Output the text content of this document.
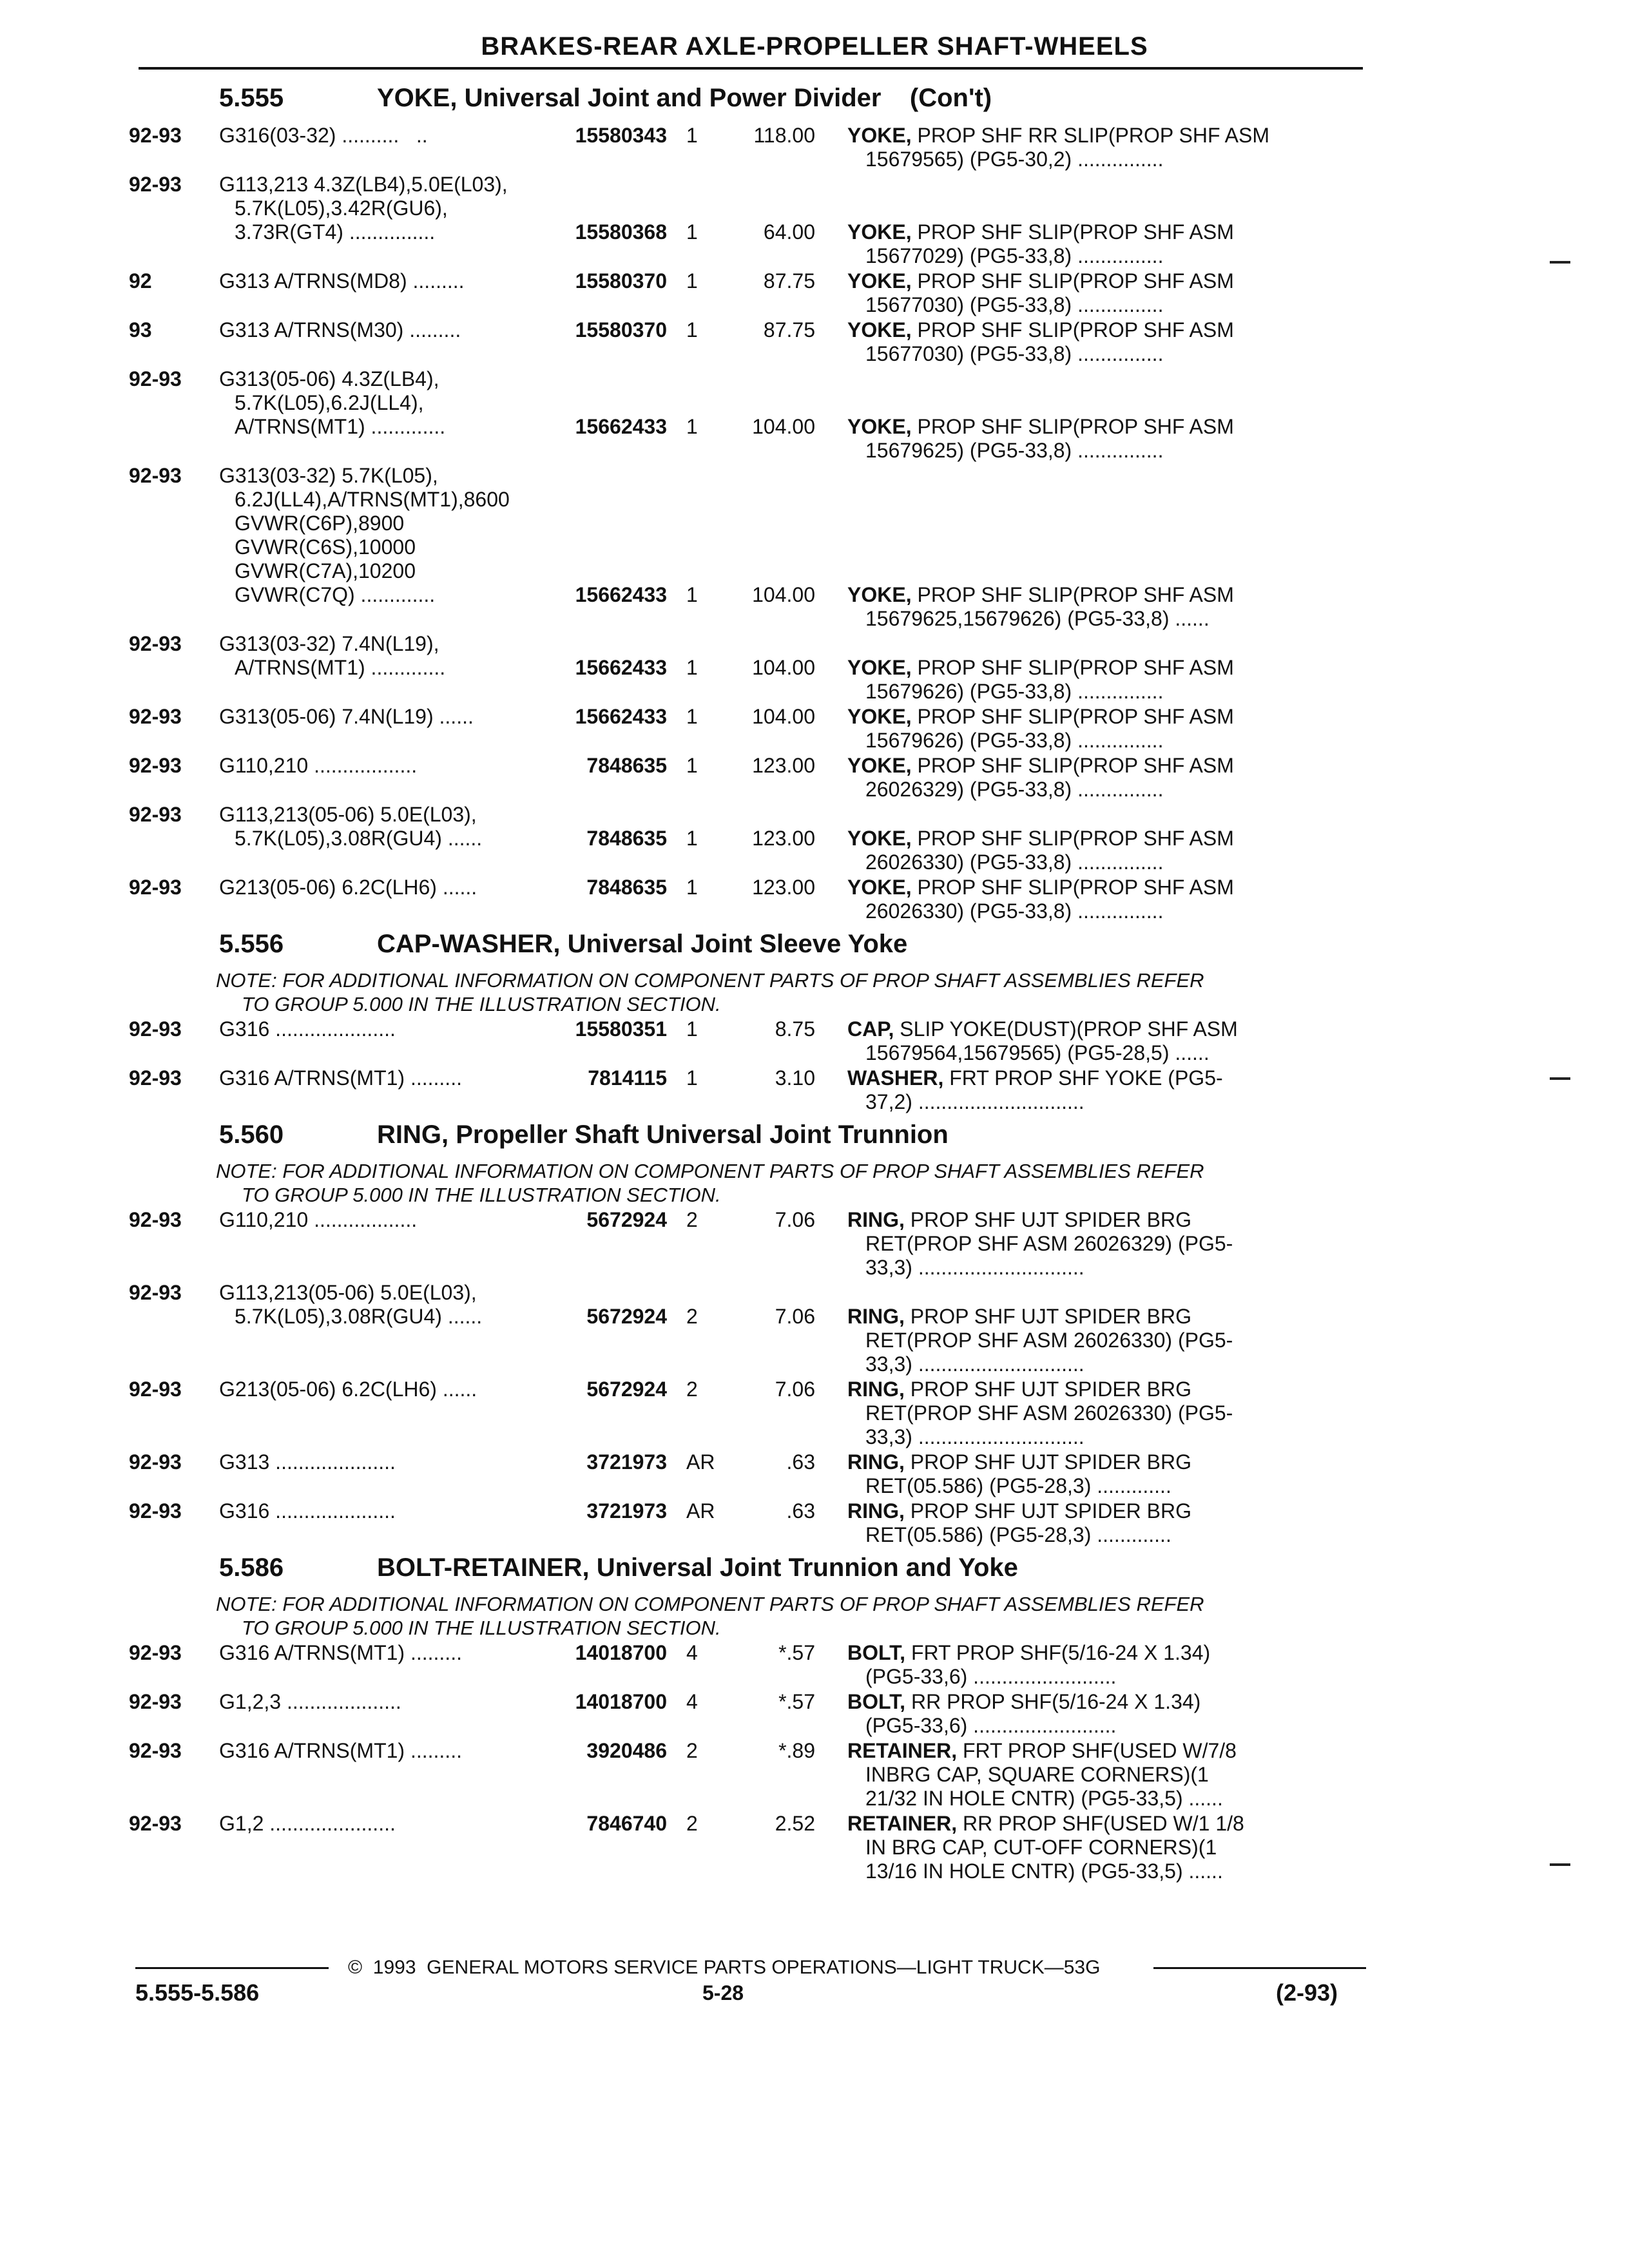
BRAKES-REAR AXLE-PROPELLER SHAFT-WHEELS
5.555	YOKE, Universal Joint and Power Divider    (Con't)
92-93	G316(03-32) ..........   ..	15580343 1	118.00	YOKE, PROP SHF RR SLIP(PROP SHF ASM
15679565) (PG5-30,2) ...............
92-93	G113,213 4.3Z(LB4),5.0E(L03),
5.7K(L05),3.42R(GU6),
3.73R(GT4) ...............	15580368 1	64.00	YOKE, PROP SHF SLIP(PROP SHF ASM
15677029) (PG5-33,8) ...............
92	G313 A/TRNS(MD8) .........	15580370 1	87.75	YOKE, PROP SHF SLIP(PROP SHF ASM
15677030) (PG5-33,8) ...............
93	G313 A/TRNS(M30) .........	15580370 1	87.75	YOKE, PROP SHF SLIP(PROP SHF ASM
15677030) (PG5-33,8) ...............
92-93	G313(05-06) 4.3Z(LB4),
5.7K(L05),6.2J(LL4),
A/TRNS(MT1) .............	15662433 1	104.00	YOKE, PROP SHF SLIP(PROP SHF ASM
15679625) (PG5-33,8) ...............
92-93	G313(03-32) 5.7K(L05),
6.2J(LL4),A/TRNS(MT1),8600
GVWR(C6P),8900
GVWR(C6S),10000
GVWR(C7A),10200
GVWR(C7Q) .............	15662433 1	104.00	YOKE, PROP SHF SLIP(PROP SHF ASM
15679625,15679626) (PG5-33,8) ......
92-93	G313(03-32) 7.4N(L19),
A/TRNS(MT1) .............	15662433 1	104.00	YOKE, PROP SHF SLIP(PROP SHF ASM
15679626) (PG5-33,8) ...............
92-93	G313(05-06) 7.4N(L19) ......	15662433 1	104.00	YOKE, PROP SHF SLIP(PROP SHF ASM
15679626) (PG5-33,8) ...............
92-93	G110,210 ..................	7848635 1	123.00	YOKE, PROP SHF SLIP(PROP SHF ASM
26026329) (PG5-33,8) ...............
92-93	G113,213(05-06) 5.0E(L03),
5.7K(L05),3.08R(GU4) ......	7848635 1	123.00	YOKE, PROP SHF SLIP(PROP SHF ASM
26026330) (PG5-33,8) ...............
92-93	G213(05-06) 6.2C(LH6) ......	7848635 1	123.00	YOKE, PROP SHF SLIP(PROP SHF ASM
26026330) (PG5-33,8) ...............
5.556	CAP-WASHER, Universal Joint Sleeve Yoke
NOTE: FOR ADDITIONAL INFORMATION ON COMPONENT PARTS OF PROP SHAFT ASSEMBLIES REFER
TO GROUP 5.000 IN THE ILLUSTRATION SECTION.
92-93	G316 .....................	15580351 1	8.75	CAP, SLIP YOKE(DUST)(PROP SHF ASM
15679564,15679565) (PG5-28,5) ......
92-93	G316 A/TRNS(MT1) .........	7814115 1	3.10	WASHER, FRT PROP SHF YOKE (PG5-
37,2) .............................
5.560	RING, Propeller Shaft Universal Joint Trunnion
NOTE: FOR ADDITIONAL INFORMATION ON COMPONENT PARTS OF PROP SHAFT ASSEMBLIES REFER
TO GROUP 5.000 IN THE ILLUSTRATION SECTION.
92-93	G110,210 ..................	5672924 2	7.06	RING, PROP SHF UJT SPIDER BRG
RET(PROP SHF ASM 26026329) (PG5-
33,3) .............................
92-93	G113,213(05-06) 5.0E(L03),
5.7K(L05),3.08R(GU4) ......	5672924 2	7.06	RING, PROP SHF UJT SPIDER BRG
RET(PROP SHF ASM 26026330) (PG5-
33,3) .............................
92-93	G213(05-06) 6.2C(LH6) ......	5672924 2	7.06	RING, PROP SHF UJT SPIDER BRG
RET(PROP SHF ASM 26026330) (PG5-
33,3) .............................
92-93	G313 .....................	3721973 AR	.63	RING, PROP SHF UJT SPIDER BRG
RET(05.586) (PG5-28,3) .............
92-93	G316 .....................	3721973 AR	.63	RING, PROP SHF UJT SPIDER BRG
RET(05.586) (PG5-28,3) .............
5.586	BOLT-RETAINER, Universal Joint Trunnion and Yoke
NOTE: FOR ADDITIONAL INFORMATION ON COMPONENT PARTS OF PROP SHAFT ASSEMBLIES REFER
TO GROUP 5.000 IN THE ILLUSTRATION SECTION.
92-93	G316 A/TRNS(MT1) .........	14018700 4	*.57	BOLT, FRT PROP SHF(5/16-24 X 1.34)
(PG5-33,6) .........................
92-93	G1,2,3 ....................	14018700 4	*.57	BOLT, RR PROP SHF(5/16-24 X 1.34)
(PG5-33,6) .........................
92-93	G316 A/TRNS(MT1) .........	3920486 2	*.89	RETAINER, FRT PROP SHF(USED W/7/8
INBRG CAP, SQUARE CORNERS)(1
21/32 IN HOLE CNTR) (PG5-33,5) ......
92-93	G1,2 ......................	7846740 2	2.52	RETAINER, RR PROP SHF(USED W/1 1/8
IN BRG CAP, CUT-OFF CORNERS)(1
13/16 IN HOLE CNTR) (PG5-33,5) ......
©  1993  GENERAL MOTORS SERVICE PARTS OPERATIONS—LIGHT TRUCK—53G
5.555-5.586	5-28	(2-93)
